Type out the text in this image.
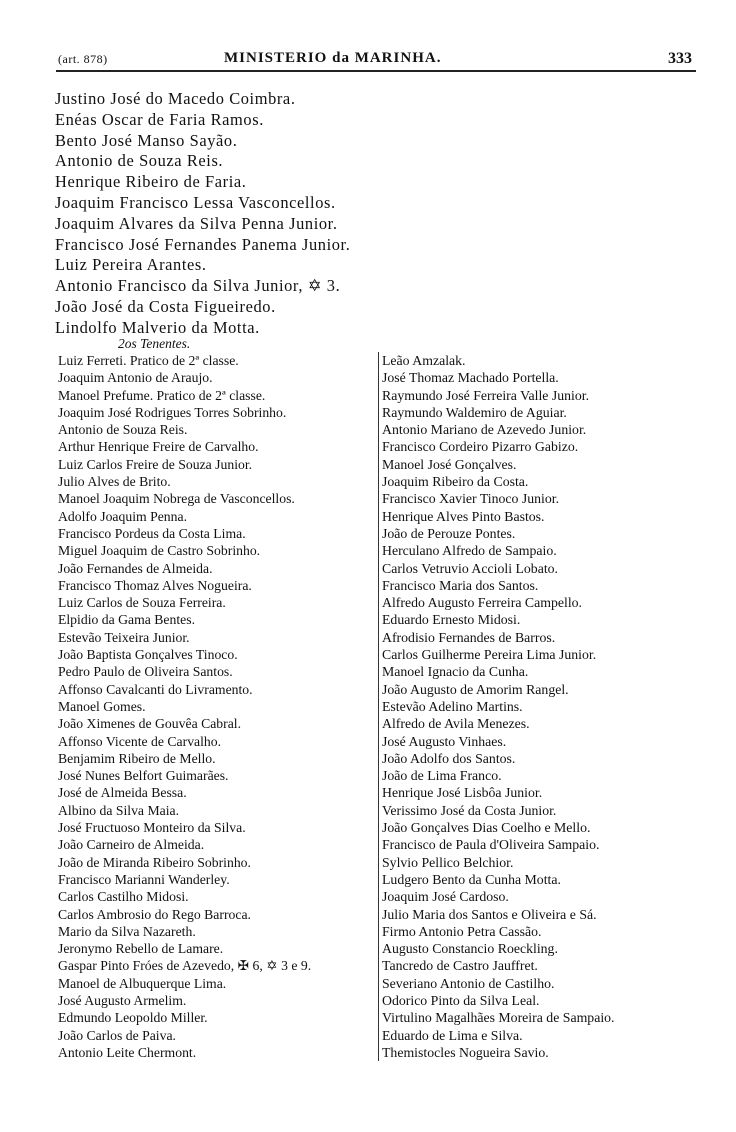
(art. 878)	MINISTERIO da MARINHA.	333
Justino José do Macedo Coimbra.
Enéas Oscar de Faria Ramos.
Bento José Manso Sayão.
Antonio de Souza Reis.
Henrique Ribeiro de Faria.
Joaquim Francisco Lessa Vasconcellos.
Joaquim Alvares da Silva Penna Junior.
Francisco José Fernandes Panema Junior.
Luiz Pereira Arantes.
Antonio Francisco da Silva Junior, ✡ 3.
João José da Costa Figueiredo.
Lindolfo Malverio da Motta.
2os Tenentes.
Luiz Ferreti. Pratico de 2ª classe.
Joaquim Antonio de Araujo.
Manoel Prefume. Pratico de 2ª classe.
Joaquim José Rodrigues Torres Sobrinho.
Antonio de Souza Reis.
Arthur Henrique Freire de Carvalho.
Luiz Carlos Freire de Souza Junior.
Julio Alves de Brito.
Manoel Joaquim Nobrega de Vasconcellos.
Adolfo Joaquim Penna.
Francisco Pordeus da Costa Lima.
Miguel Joaquim de Castro Sobrinho.
João Fernandes de Almeida.
Francisco Thomaz Alves Nogueira.
Luiz Carlos de Souza Ferreira.
Elpidio da Gama Bentes.
Estevão Teixeira Junior.
João Baptista Gonçalves Tinoco.
Pedro Paulo de Oliveira Santos.
Affonso Cavalcanti do Livramento.
Manoel Gomes.
João Ximenes de Gouvêa Cabral.
Affonso Vicente de Carvalho.
Benjamim Ribeiro de Mello.
José Nunes Belfort Guimarães.
José de Almeida Bessa.
Albino da Silva Maia.
José Fructuoso Monteiro da Silva.
João Carneiro de Almeida.
João de Miranda Ribeiro Sobrinho.
Francisco Marianni Wanderley.
Carlos Castilho Midosi.
Carlos Ambrosio do Rego Barroca.
Mario da Silva Nazareth.
Jeronymo Rebello de Lamare.
Gaspar Pinto Fróes de Azevedo, ✠ 6, ✡ 3 e 9.
Manoel de Albuquerque Lima.
José Augusto Armelim.
Edmundo Leopoldo Miller.
João Carlos de Paiva.
Antonio Leite Chermont.
Leão Amzalak.
José Thomaz Machado Portella.
Raymundo José Ferreira Valle Junior.
Raymundo Waldemiro de Aguiar.
Antonio Mariano de Azevedo Junior.
Francisco Cordeiro Pizarro Gabizo.
Manoel José Gonçalves.
Joaquim Ribeiro da Costa.
Francisco Xavier Tinoco Junior.
Henrique Alves Pinto Bastos.
João de Perouze Pontes.
Herculano Alfredo de Sampaio.
Carlos Vetruvio Accioli Lobato.
Francisco Maria dos Santos.
Alfredo Augusto Ferreira Campello.
Eduardo Ernesto Midosi.
Afrodisio Fernandes de Barros.
Carlos Guilherme Pereira Lima Junior.
Manoel Ignacio da Cunha.
João Augusto de Amorim Rangel.
Estevão Adelino Martins.
Alfredo de Avila Menezes.
José Augusto Vinhaes.
João Adolfo dos Santos.
João de Lima Franco.
Henrique José Lisbôa Junior.
Verissimo José da Costa Junior.
João Gonçalves Dias Coelho e Mello.
Francisco de Paula d'Oliveira Sampaio.
Sylvio Pellico Belchior.
Ludgero Bento da Cunha Motta.
Joaquim José Cardoso.
Julio Maria dos Santos e Oliveira e Sá.
Firmo Antonio Petra Cassão.
Augusto Constancio Roeckling.
Tancredo de Castro Jauffret.
Severiano Antonio de Castilho.
Odorico Pinto da Silva Leal.
Virtulino Magalhães Moreira de Sampaio.
Eduardo de Lima e Silva.
Themistocles Nogueira Savio.
